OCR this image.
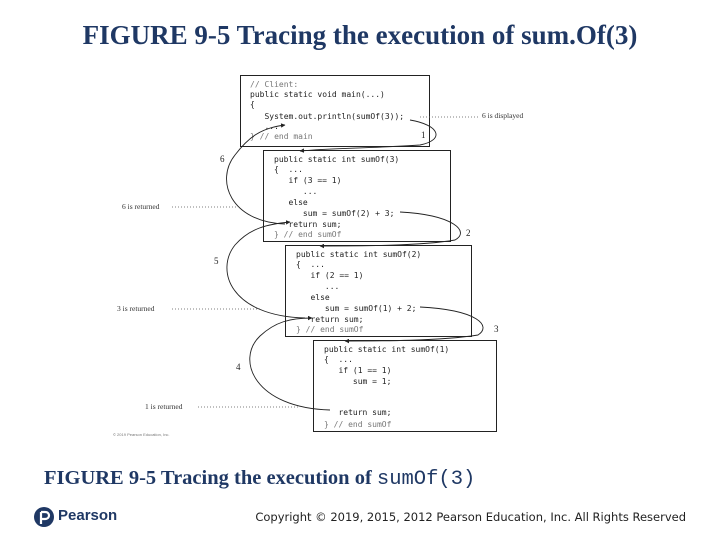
FIGURE 9-5 Tracing the execution of sum.Of(3)
// Client:
public static void main(...)
{
System.out.println(sumOf(3));
...
} // end main
6 is displayed
public static int sumOf(3)
{  ...
if (3 == 1)
...
else
sum = sumOf(2) + 3;
return sum;
} // end sumOf
public static int sumOf(2)
{  ...
if (2 == 1)
...
else
sum = sumOf(1) + 2;
return sum;
} // end sumOf
public static int sumOf(1)
{  ...
if (1 == 1)
sum = 1;
return sum;
} // end sumOf
6 is returned
3 is returned
1 is returned
1
2
3
4
5
6
© 2019 Pearson Education, Inc.
FIGURE 9-5 Tracing the execution of sumOf(3)
Pearson	Copyright © 2019, 2015, 2012 Pearson Education, Inc. All Rights Reserved
